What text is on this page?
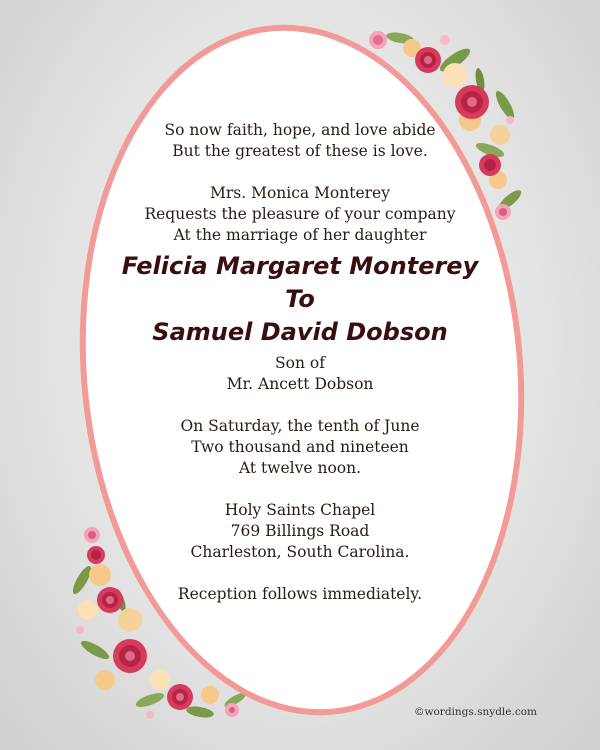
So now faith, hope, and love abide
But the greatest of these is love.
Mrs. Monica Monterey
Requests the pleasure of your company
At the marriage of her daughter
Felicia Margaret Monterey
To
Samuel David Dobson
Son of
Mr. Ancett Dobson
On Saturday, the tenth of June
Two thousand and nineteen
At twelve noon.
Holy Saints Chapel
769 Billings Road
Charleston, South Carolina.
Reception follows immediately.
©wordings.snydle.com
